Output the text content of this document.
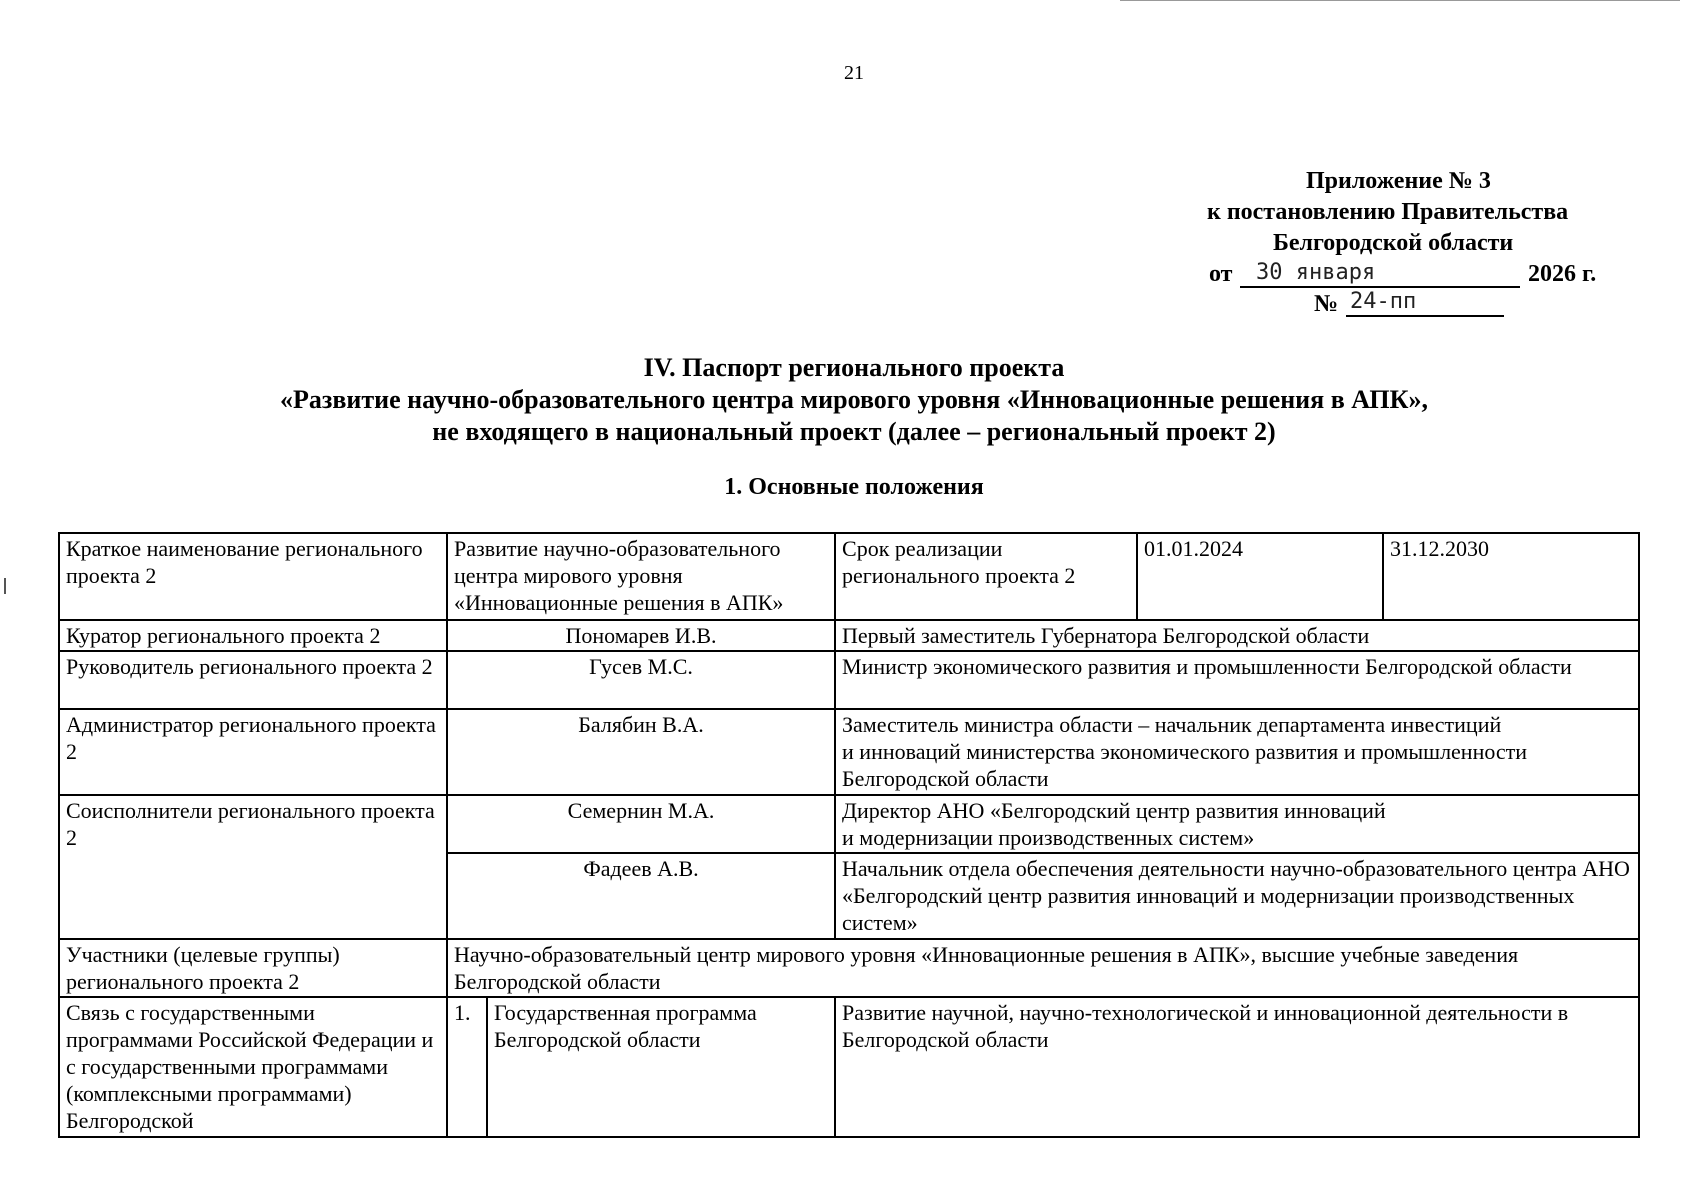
21
Приложение № 3
к постановлению Правительства
Белгородской области
от 30 января	2026 г.
№ 24-пп
IV. Паспорт регионального проекта
«Развитие научно-образовательного центра мирового уровня «Инновационные решения в АПК»,
не входящего в национальный проект (далее – региональный проект 2)
1. Основные положения
Краткое наименование регионального проекта 2	Развитие научно-образовательного центра мирового уровня «Инновационные решения в АПК»		Срок реализации регионального проекта 2	01.01.2024	31.12.2030
Куратор регионального проекта 2	Пономарев И.В.		Первый заместитель Губернатора Белгородской области		
Руководитель регионального проекта 2	Гусев М.С.		Министр экономического развития и промышленности Белгородской области		
Администратор регионального проекта 2	Балябин В.А.		Заместитель министра области – начальник департамента инвестиций
и инноваций министерства экономического развития и промышленности Белгородской области		

Соисполнители регионального проекта 2	Семернин М.А.		Директор АНО «Белгородский центр развития инноваций
и модернизации производственных систем»		

	Фадеев А.В.		Начальник отдела обеспечения деятельности научно-образовательного центра АНО «Белгородский центр развития инноваций и модернизации производственных систем»		
Участники (целевые группы) регионального проекта 2	Научно-образовательный центр мирового уровня «Инновационные решения в АПК», высшие учебные заведения Белгородской области				
Связь с государственными программами Российской Федерации и с государственными программами (комплексными программами) Белгородской	1.	Государственная программа Белгородской области	Развитие научной, научно-технологической и инновационной деятельности в Белгородской области		
